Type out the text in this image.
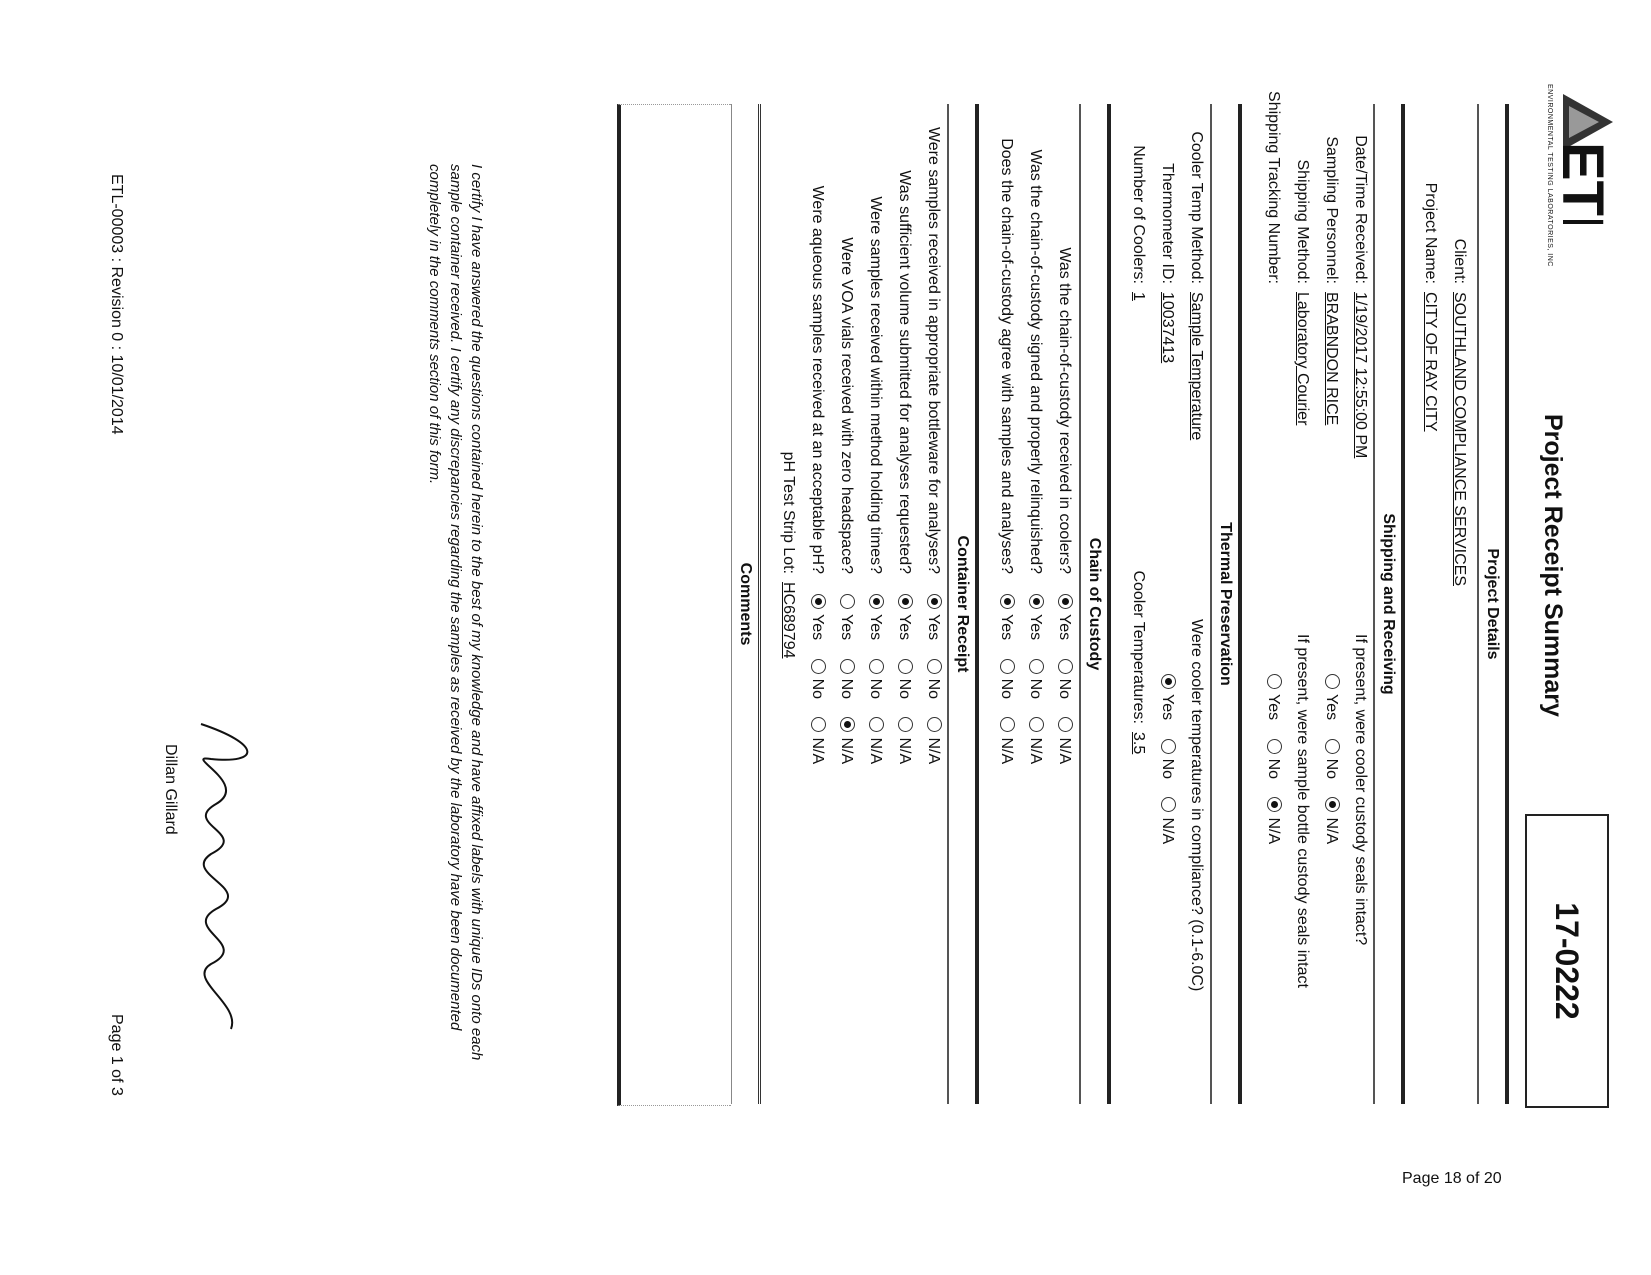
Page 18 of 20
ETL
ENVIRONMENTAL TESTING LABORATORIES, INC
Project Receipt Summary
17-0222
Project Details
Client:SOUTHLAND COMPLIANCE SERVICES
Project Name:CITY OF RAY CITY
Shipping and Receiving
Date/Time Received:1/19/2017 12:55:00 PM
Sampling Personnel:BRABNDON RICE
Shipping Method:Laboratory Courier
Shipping Tracking Number:
If present, were cooler custody seals intact?
Yes No N/A
If present, were sample bottle custody seals intact
Yes No N/A
Thermal Preservation
Cooler Temp Method:Sample Temperature
Thermometer ID:10037413
Number of Coolers:1
Were cooler temperatures in compliance? (0.1-6.0C)
Yes No N/A
Cooler Temperatures:3.5
Chain of Custody
Was the chain-of-custody received in coolers?
Yes No N/A
Was the chain-of-custody signed and properly relinquished?
Yes No N/A
Does the chain-of-custody agree with samples and analyses?
Yes No N/A
Container Receipt
Were samples received in appropriate bottleware for analyses?
Yes No N/A
Was sufficient volume submitted for analyses requested?
Yes No N/A
Were samples received within method holding times?
Yes No N/A
Were VOA vials received with zero headspace?
Yes No N/A
Were aqueous samples received at an acceptable pH?
Yes No N/A
pH Test Strip Lot:HC689794
Comments
I certify I have answered the questions contained herein to the best of my knowledge and have affixed labels with unique IDs onto each sample container received. I certify any discrepancies regarding the samples as received by the laboratory have been documented completely in the comments section of this form.
Dillan Gillard
ETL-00003 : Revision 0 : 10/01/2014
Page 1 of 3
